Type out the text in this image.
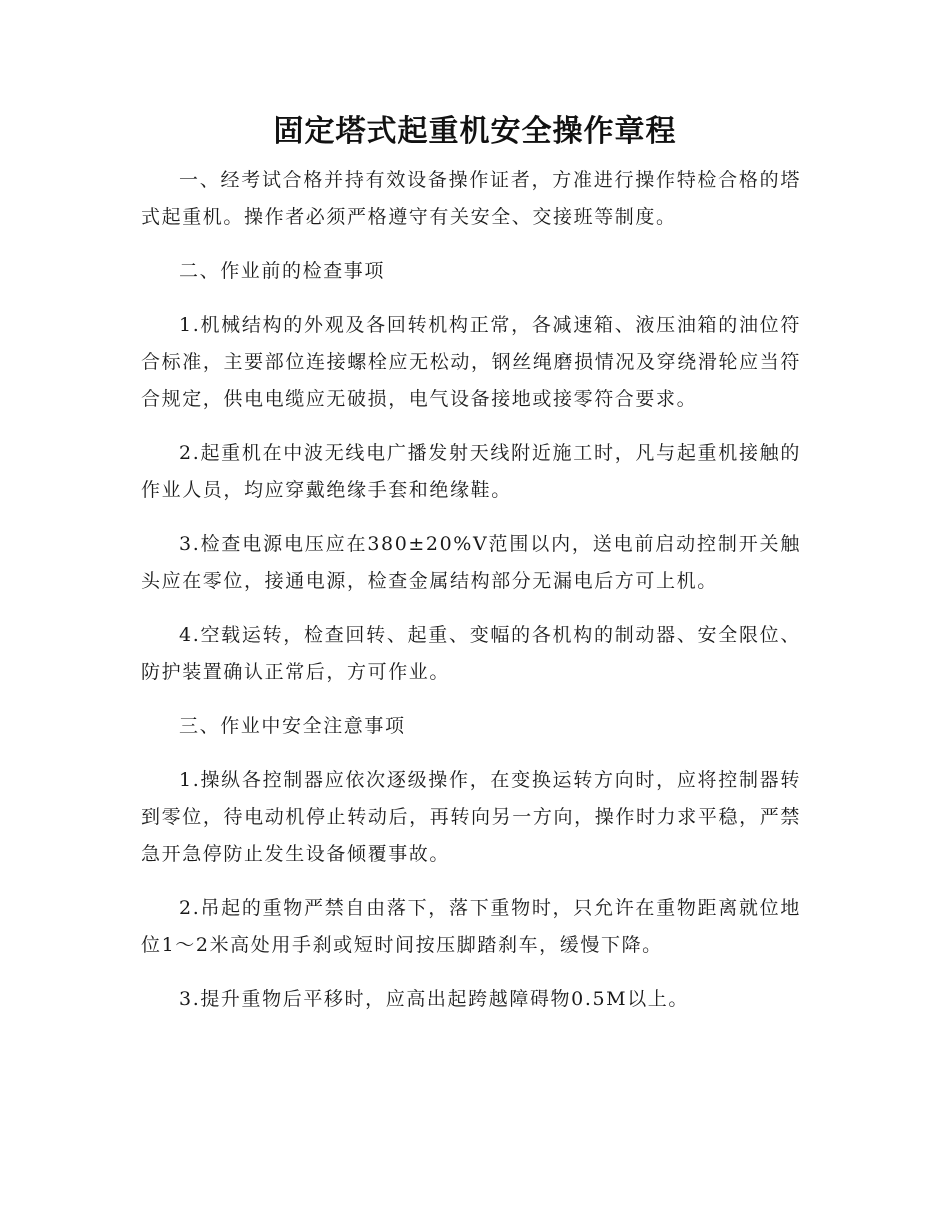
固定塔式起重机安全操作章程

一、经考试合格并持有效设备操作证者，方准进行操作特检合格的塔式起重机。操作者必须严格遵守有关安全、交接班等制度。

二、作业前的检查事项

1.机械结构的外观及各回转机构正常，各减速箱、液压油箱的油位符合标准，主要部位连接螺栓应无松动，钢丝绳磨损情况及穿绕滑轮应当符合规定，供电电缆应无破损，电气设备接地或接零符合要求。

2.起重机在中波无线电广播发射天线附近施工时，凡与起重机接触的作业人员，均应穿戴绝缘手套和绝缘鞋。

3.检查电源电压应在380±20%V范围以内，送电前启动控制开关触头应在零位，接通电源，检查金属结构部分无漏电后方可上机。

4.空载运转，检查回转、起重、变幅的各机构的制动器、安全限位、防护装置确认正常后，方可作业。

三、作业中安全注意事项

1.操纵各控制器应依次逐级操作，在变换运转方向时，应将控制器转到零位，待电动机停止转动后，再转向另一方向，操作时力求平稳，严禁急开急停防止发生设备倾覆事故。

2.吊起的重物严禁自由落下，落下重物时，只允许在重物距离就位地位1～2米高处用手刹或短时间按压脚踏刹车，缓慢下降。

3.提升重物后平移时，应高出起跨越障碍物0.5M以上。
